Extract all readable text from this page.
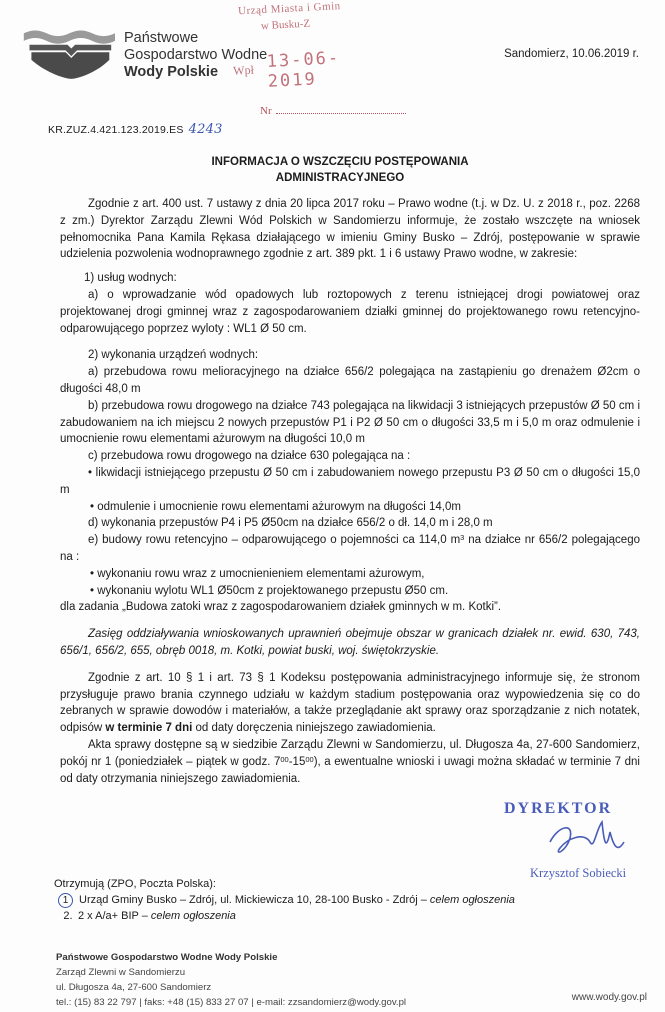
Państwowe
Gospodarstwo Wodne
Wody Polskie
Urząd Miasta i Gmin
w Busku-Z
Wpł 13-06-2019
Nr
Sandomierz, 10.06.2019 r.
KR.ZUZ.4.421.123.2019.ES 4243
INFORMACJA O WSZCZĘCIU POSTĘPOWANIA
ADMINISTRACYJNEGO

Zgodnie z art. 400 ust. 7 ustawy z dnia 20 lipca 2017 roku – Prawo wodne (t.j. w Dz. U. z 2018 r., poz. 2268 z zm.) Dyrektor Zarządu Zlewni Wód Polskich w Sandomierzu informuje, że zostało wszczęte na wniosek pełnomocnika Pana Kamila Rękasa działającego w imieniu Gminy Busko – Zdrój, postępowanie w sprawie udzielenia pozwolenia wodnoprawnego zgodnie z art. 389 pkt. 1 i 6 ustawy Prawo wodne, w zakresie:

1) usług wodnych:

a) o wprowadzanie wód opadowych lub roztopowych z terenu istniejącej drogi powiatowej oraz projektowanej drogi gminnej wraz z zagospodarowaniem działki gminnej do projektowanego rowu retencyjno-odparowującego poprzez wyloty : WL1 Ø 50 cm.

2) wykonania urządzeń wodnych:

a) przebudowa rowu melioracyjnego na działce 656/2 polegająca na zastąpieniu go drenażem Ø2cm o długości 48,0 m

b) przebudowa rowu drogowego na działce 743 polegająca na likwidacji 3 istniejących przepustów Ø 50 cm i zabudowaniem na ich miejscu 2 nowych przepustów P1 i P2 Ø 50 cm o długości 33,5 m i 5,0 m oraz odmulenie i umocnienie rowu elementami ażurowym na długości 10,0 m

c) przebudowa rowu drogowego na działce 630 polegająca na :

• likwidacji istniejącego przepustu Ø 50 cm i zabudowaniem nowego przepustu P3 Ø 50 cm o długości 15,0 m

• odmulenie i umocnienie rowu elementami ażurowym na długości 14,0m

d) wykonania przepustów P4 i P5 Ø50cm na działce 656/2 o dł. 14,0 m i 28,0 m

e) budowy rowu retencyjno – odparowującego o pojemności ca 114,0 $m^3$ na działce nr 656/2 polegającego na :

• wykonaniu rowu wraz z umocnienieniem elementami ażurowym,

• wykonaniu wylotu WL1 Ø50cm z projektowanego przepustu Ø50 cm.

dla zadania „Budowa zatoki wraz z zagospodarowaniem działek gminnych w m. Kotki”.

Zasięg oddziaływania wnioskowanych uprawnień obejmuje obszar w granicach działek nr. ewid. 630, 743, 656/1, 656/2, 655, obręb 0018, m. Kotki, powiat buski, woj. świętokrzyskie.

Zgodnie z art. 10 § 1 i art. 73 § 1 Kodeksu postępowania administracyjnego informuje się, że stronom przysługuje prawo brania czynnego udziału w każdym stadium postępowania oraz wypowiedzenia się co do zebranych w sprawie dowodów i materiałów, a także przeglądanie akt sprawy oraz sporządzanie z nich notatek, odpisów w terminie 7 dni od daty doręczenia niniejszego zawiadomienia.

Akta sprawy dostępne są w siedzibie Zarządu Zlewni w Sandomierzu, ul. Długosza 4a, 27-600 Sandomierz, pokój nr 1 (poniedziałek – piątek w godz. $7^{00}-15^{00}$), a ewentualne wnioski i uwagi można składać w terminie 7 dni od daty otrzymania niniejszego zawiadomienia.

DYREKTOR
Krzysztof Sobiecki
Otrzymują (ZPO, Poczta Polska):
1 Urząd Gminy Busko – Zdrój, ul. Mickiewicza 10, 28-100 Busko - Zdrój – celem ogłoszenia
2. 2 x A/a+ BIP – celem ogłoszenia
Państwowe Gospodarstwo Wodne Wody Polskie
Zarząd Zlewni w Sandomierzu
ul. Długosza 4a, 27-600 Sandomierz
tel.: (15) 83 22 797 | faks: +48 (15) 833 27 07 | e-mail: zzsandomierz@wody.gov.pl	www.wody.gov.pl
